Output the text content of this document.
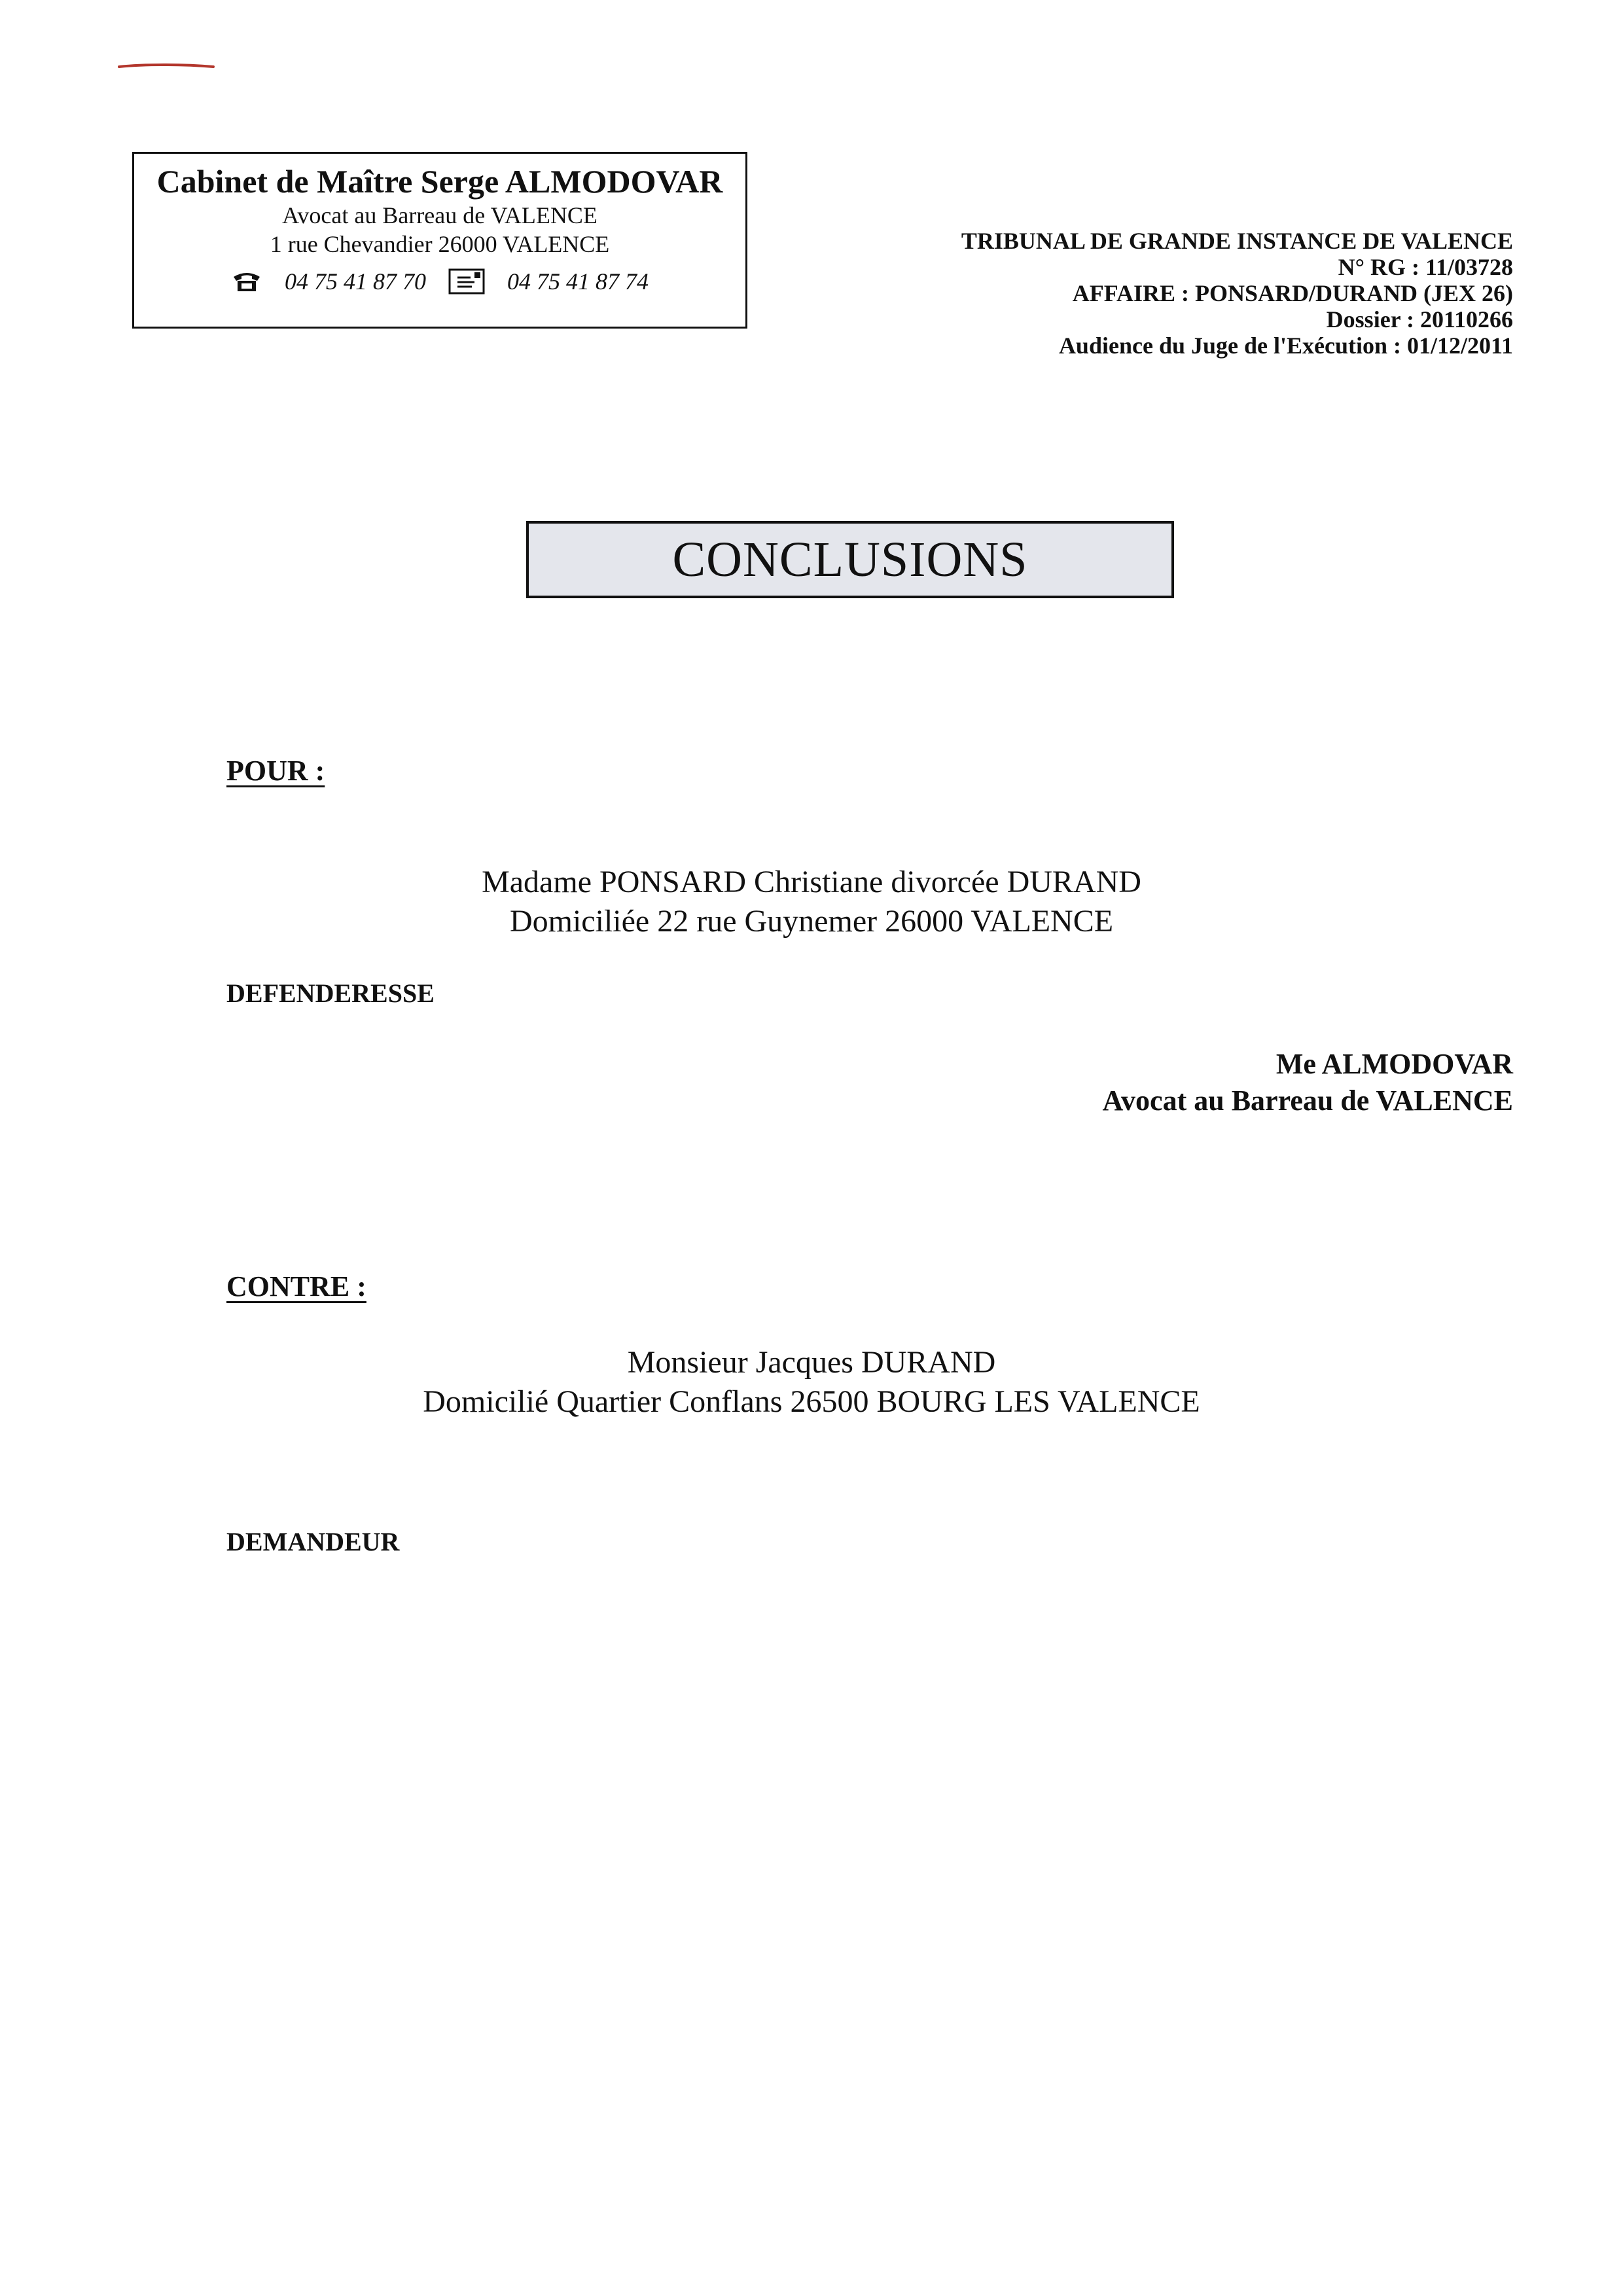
Cabinet de Maître Serge ALMODOVAR
Avocat au Barreau de VALENCE
1 rue Chevandier 26000 VALENCE
04 75 41 87 70	04 75 41 87 74
TRIBUNAL DE GRANDE INSTANCE DE VALENCE
N° RG : 11/03728
AFFAIRE : PONSARD/DURAND (JEX 26)
Dossier : 20110266
Audience du Juge de l'Exécution : 01/12/2011
CONCLUSIONS
POUR :
Madame PONSARD Christiane divorcée DURAND
Domiciliée 22 rue Guynemer 26000 VALENCE
DEFENDERESSE
Me ALMODOVAR
Avocat au Barreau de VALENCE
CONTRE :
Monsieur Jacques DURAND
Domicilié Quartier Conflans 26500 BOURG LES VALENCE
DEMANDEUR
